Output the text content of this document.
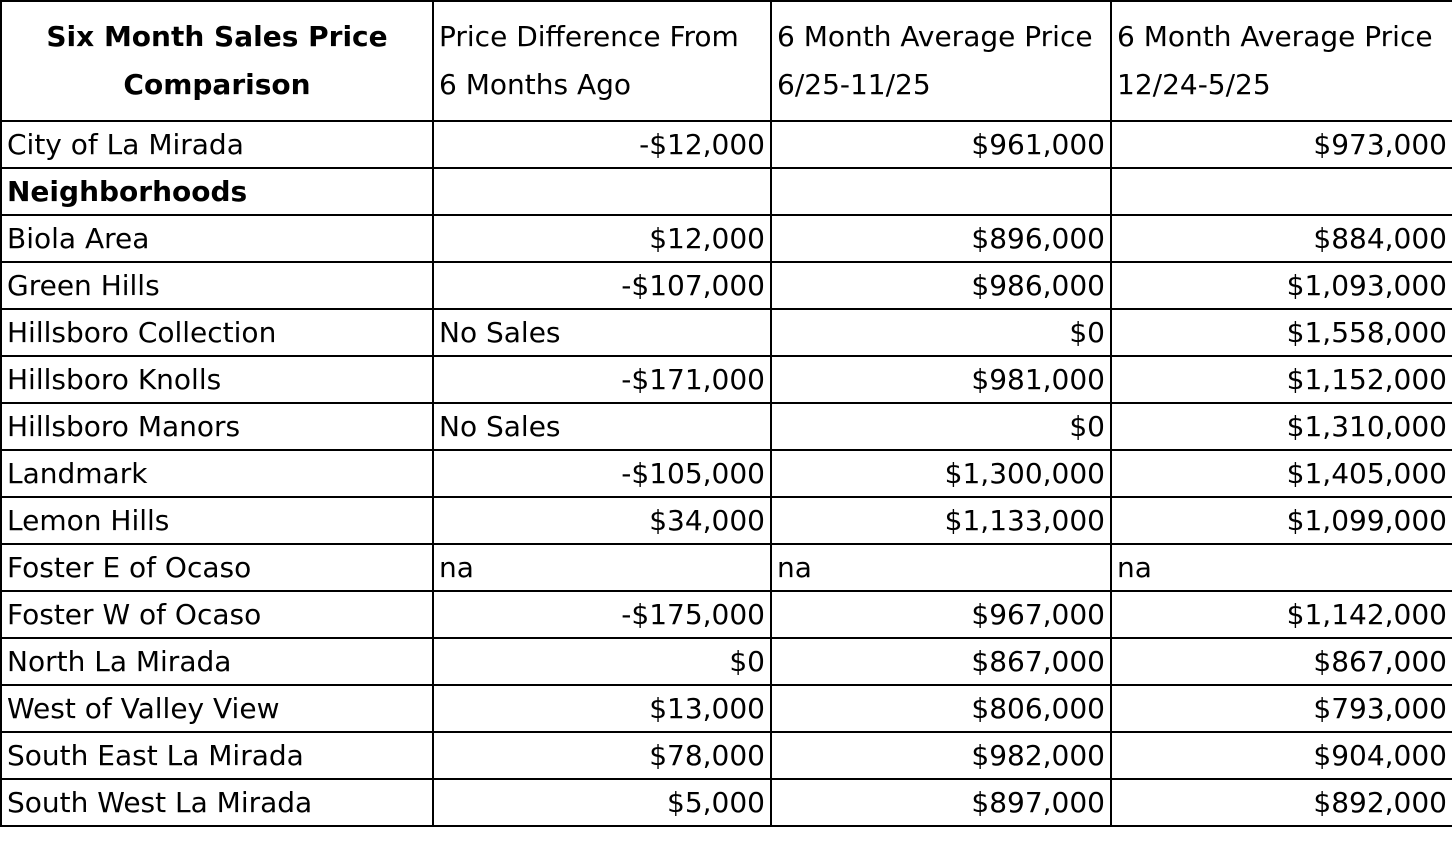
Six Month Sales Price Comparison	Price Difference From 6 Months Ago	6 Month Average Price 6/25-11/25	6 Month Average Price 12/24-5/25
City of La Mirada	-$12,000	$961,000	$973,000
Neighborhoods			
Biola Area	$12,000	$896,000	$884,000
Green Hills	-$107,000	$986,000	$1,093,000
Hillsboro Collection	No Sales	$0	$1,558,000
Hillsboro Knolls	-$171,000	$981,000	$1,152,000
Hillsboro Manors	No Sales	$0	$1,310,000
Landmark	-$105,000	$1,300,000	$1,405,000
Lemon Hills	$34,000	$1,133,000	$1,099,000
Foster E of Ocaso	na	na	na
Foster W of Ocaso	-$175,000	$967,000	$1,142,000
North La Mirada	$0	$867,000	$867,000
West of Valley View	$13,000	$806,000	$793,000
South East La Mirada	$78,000	$982,000	$904,000
South West La Mirada	$5,000	$897,000	$892,000
